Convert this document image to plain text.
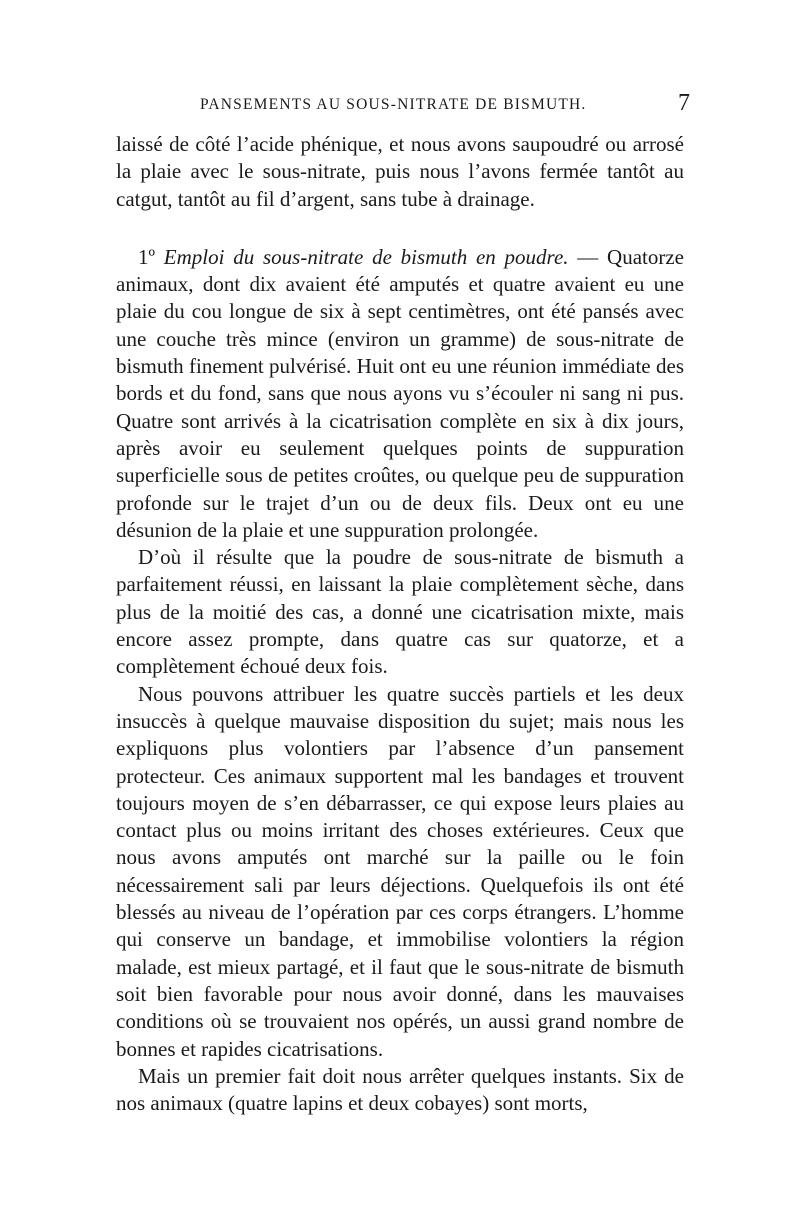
PANSEMENTS AU SOUS-NITRATE DE BISMUTH.	7

laissé de côté l’acide phénique, et nous avons saupoudré ou arrosé la plaie avec le sous-nitrate, puis nous l’avons fermée tantôt au catgut, tantôt au fil d’argent, sans tube à drainage.

1º Emploi du sous-nitrate de bismuth en poudre. — Quatorze animaux, dont dix avaient été amputés et quatre avaient eu une plaie du cou longue de six à sept centimètres, ont été pansés avec une couche très mince (environ un gramme) de sous-nitrate de bismuth finement pulvérisé. Huit ont eu une réunion immédiate des bords et du fond, sans que nous ayons vu s’écouler ni sang ni pus. Quatre sont arrivés à la cicatrisation complète en six à dix jours, après avoir eu seulement quelques points de suppuration superficielle sous de petites croûtes, ou quelque peu de suppuration profonde sur le trajet d’un ou de deux fils. Deux ont eu une désunion de la plaie et une suppuration prolongée.

D’où il résulte que la poudre de sous-nitrate de bismuth a parfaitement réussi, en laissant la plaie complètement sèche, dans plus de la moitié des cas, a donné une cicatrisation mixte, mais encore assez prompte, dans quatre cas sur quatorze, et a complètement échoué deux fois.

Nous pouvons attribuer les quatre succès partiels et les deux insuccès à quelque mauvaise disposition du sujet; mais nous les expliquons plus volontiers par l’absence d’un pansement protecteur. Ces animaux supportent mal les bandages et trouvent toujours moyen de s’en débarrasser, ce qui expose leurs plaies au contact plus ou moins irritant des choses extérieures. Ceux que nous avons amputés ont marché sur la paille ou le foin nécessairement sali par leurs déjections. Quelquefois ils ont été blessés au niveau de l’opération par ces corps étrangers. L’homme qui conserve un bandage, et immobilise volontiers la région malade, est mieux partagé, et il faut que le sous-nitrate de bismuth soit bien favorable pour nous avoir donné, dans les mauvaises conditions où se trouvaient nos opérés, un aussi grand nombre de bonnes et rapides cicatrisations.

Mais un premier fait doit nous arrêter quelques instants. Six de nos animaux (quatre lapins et deux cobayes) sont morts,
